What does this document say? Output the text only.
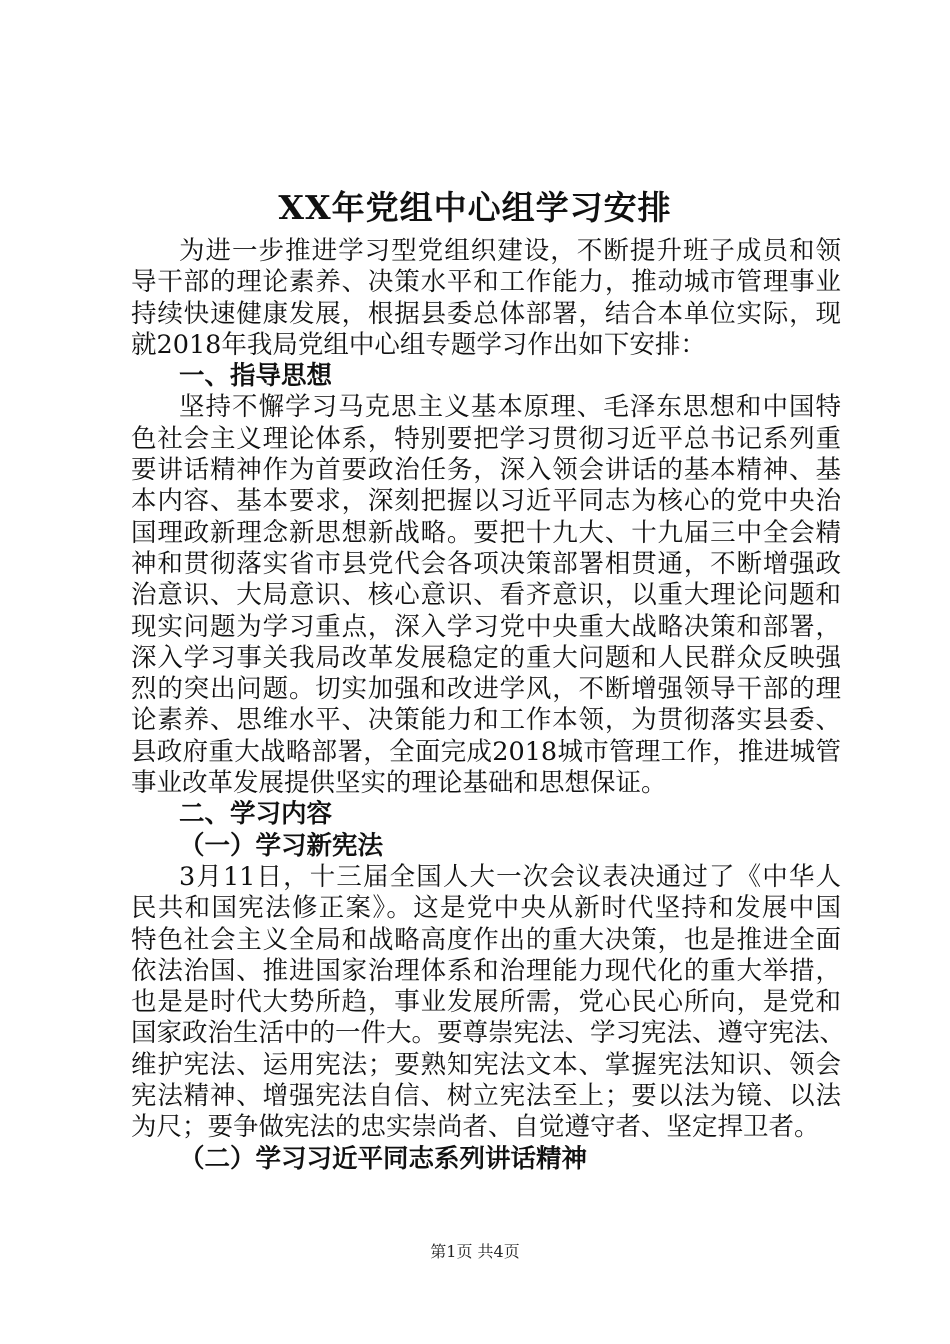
XX年党组中心组学习安排
为进一步推进学习型党组织建设，不断提升班子成员和领
导干部的理论素养、决策水平和工作能力，推动城市管理事业
持续快速健康发展，根据县委总体部署，结合本单位实际，现
就2018年我局党组中心组专题学习作出如下安排：
一、指导思想
坚持不懈学习马克思主义基本原理、毛泽东思想和中国特
色社会主义理论体系，特别要把学习贯彻习近平总书记系列重
要讲话精神作为首要政治任务，深入领会讲话的基本精神、基
本内容、基本要求，深刻把握以习近平同志为核心的党中央治
国理政新理念新思想新战略。要把十九大、十九届三中全会精
神和贯彻落实省市县党代会各项决策部署相贯通，不断增强政
治意识、大局意识、核心意识、看齐意识，以重大理论问题和
现实问题为学习重点，深入学习党中央重大战略决策和部署，
深入学习事关我局改革发展稳定的重大问题和人民群众反映强
烈的突出问题。切实加强和改进学风，不断增强领导干部的理
论素养、思维水平、决策能力和工作本领，为贯彻落实县委、
县政府重大战略部署，全面完成2018城市管理工作，推进城管
事业改革发展提供坚实的理论基础和思想保证。
二、学习内容
（一）学习新宪法
3月11日，十三届全国人大一次会议表决通过了《中华人
民共和国宪法修正案》。这是党中央从新时代坚持和发展中国
特色社会主义全局和战略高度作出的重大决策，也是推进全面
依法治国、推进国家治理体系和治理能力现代化的重大举措，
也是是时代大势所趋，事业发展所需，党心民心所向，是党和
国家政治生活中的一件大。要尊崇宪法、学习宪法、遵守宪法、
维护宪法、运用宪法；要熟知宪法文本、掌握宪法知识、领会
宪法精神、增强宪法自信、树立宪法至上；要以法为镜、以法
为尺；要争做宪法的忠实崇尚者、自觉遵守者、坚定捍卫者。
（二）学习习近平同志系列讲话精神
第1页 共4页
